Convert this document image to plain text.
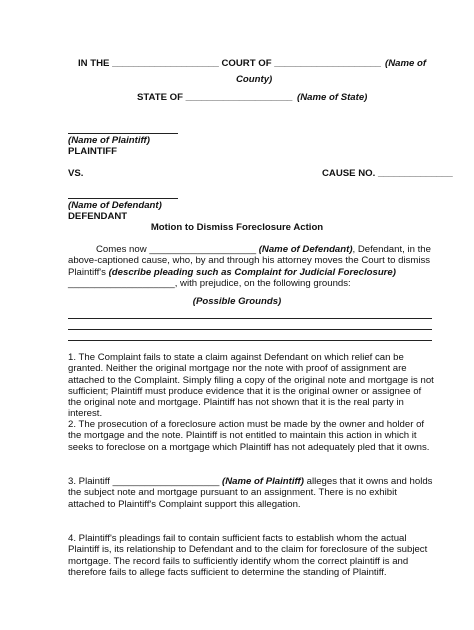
IN THE ____________________ COURT OF ____________________ (Name of
County)
STATE OF ____________________ (Name of State)
(Name of Plaintiff)
PLAINTIFF
VS.	CAUSE NO. ______________
(Name of Defendant)
DEFENDANT
Motion to Dismiss Foreclosure Action
Comes now ____________________ (Name of Defendant), Defendant, in the above-captioned cause, who, by and through his attorney moves the Court to dismiss Plaintiff's (describe pleading such as Complaint for Judicial Foreclosure) ____________________, with prejudice, on the following grounds:
(Possible Grounds)
1. The Complaint fails to state a claim against Defendant on which relief can be granted. Neither the original mortgage nor the note with proof of assignment are attached to the Complaint. Simply filing a copy of the original note and mortgage is not sufficient; Plaintiff must produce evidence that it is the original owner or assignee of the original note and mortgage. Plaintiff has not shown that it is the real party in interest.
2. The prosecution of a foreclosure action must be made by the owner and holder of the mortgage and the note. Plaintiff is not entitled to maintain this action in which it seeks to foreclose on a mortgage which Plaintiff has not adequately pled that it owns.
3. Plaintiff ____________________ (Name of Plaintiff) alleges that it owns and holds the subject note and mortgage pursuant to an assignment. There is no exhibit attached to Plaintiff's Complaint support this allegation.
4. Plaintiff's pleadings fail to contain sufficient facts to establish whom the actual Plaintiff is, its relationship to Defendant and to the claim for foreclosure of the subject mortgage. The record fails to sufficiently identify whom the correct plaintiff is and therefore fails to allege facts sufficient to determine the standing of Plaintiff.
